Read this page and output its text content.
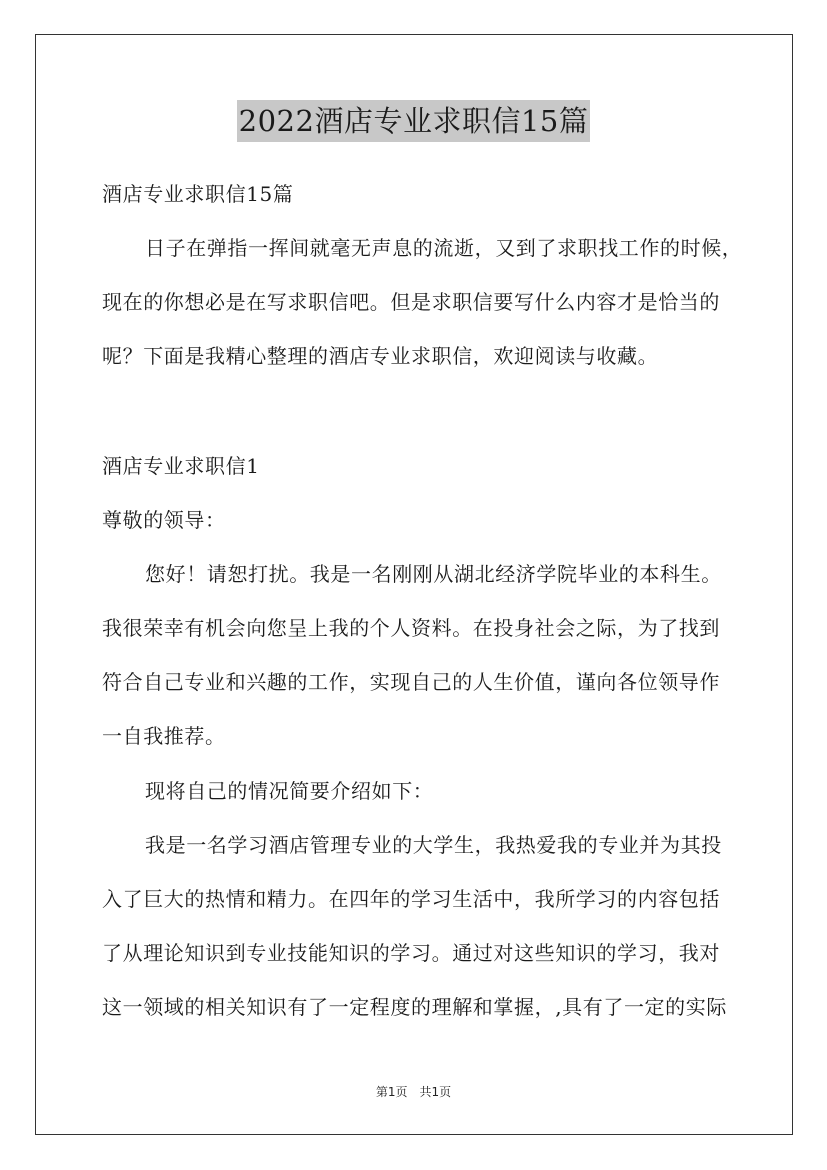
2022酒店专业求职信15篇
酒店专业求职信15篇
日子在弹指一挥间就毫无声息的流逝，又到了求职找工作的时候，
现在的你想必是在写求职信吧。但是求职信要写什么内容才是恰当的
呢？下面是我精心整理的酒店专业求职信，欢迎阅读与收藏。
酒店专业求职信1
尊敬的领导：
您好！请恕打扰。我是一名刚刚从湖北经济学院毕业的本科生。
我很荣幸有机会向您呈上我的个人资料。在投身社会之际，为了找到
符合自己专业和兴趣的工作，实现自己的人生价值，谨向各位领导作
一自我推荐。
现将自己的情况简要介绍如下：
我是一名学习酒店管理专业的大学生，我热爱我的专业并为其投
入了巨大的热情和精力。在四年的学习生活中，我所学习的内容包括
了从理论知识到专业技能知识的学习。通过对这些知识的学习，我对
这一领域的相关知识有了一定程度的理解和掌握，,具有了一定的实际
第1页　共1页
